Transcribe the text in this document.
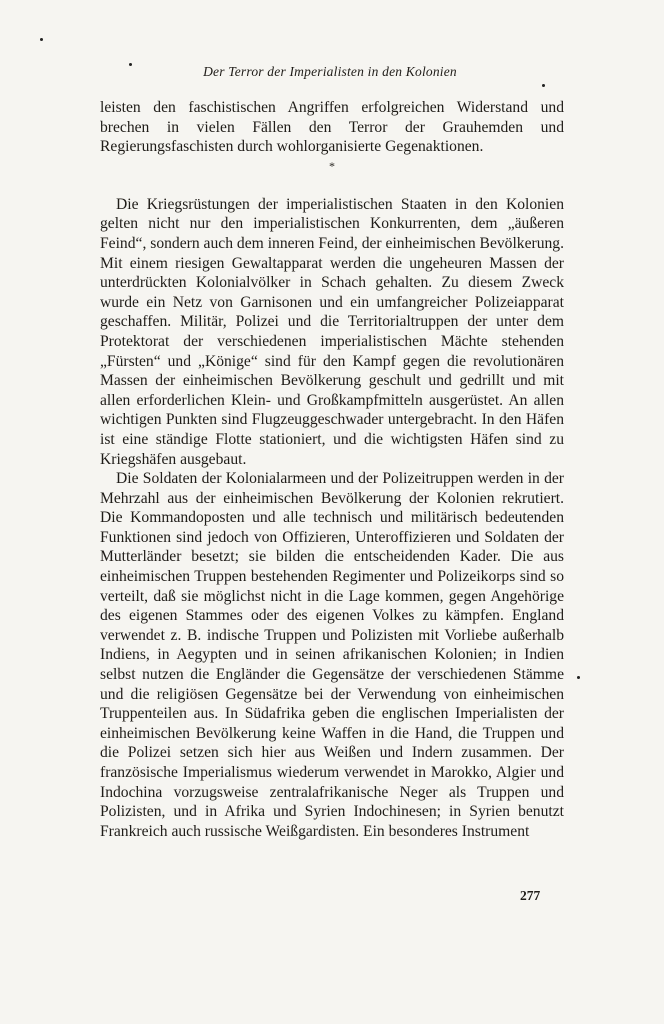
Der Terror der Imperialisten in den Kolonien

leisten den faschistischen Angriffen erfolgreichen Widerstand und brechen in vielen Fällen den Terror der Grauhemden und Regierungsfaschisten durch wohlorganisierte Gegenaktionen.

*

Die Kriegsrüstungen der imperialistischen Staaten in den Kolonien gelten nicht nur den imperialistischen Konkurrenten, dem „äußeren Feind“, sondern auch dem inneren Feind, der einheimischen Bevölkerung. Mit einem riesigen Gewaltapparat werden die ungeheuren Massen der unterdrückten Kolonialvölker in Schach gehalten. Zu diesem Zweck wurde ein Netz von Garnisonen und ein umfangreicher Polizeiapparat geschaffen. Militär, Polizei und die Territorialtruppen der unter dem Protektorat der verschiedenen imperialistischen Mächte stehenden „Fürsten“ und „Könige“ sind für den Kampf gegen die revolutionären Massen der einheimischen Bevölkerung geschult und gedrillt und mit allen erforderlichen Klein- und Großkampfmitteln ausgerüstet. An allen wichtigen Punkten sind Flugzeuggeschwader untergebracht. In den Häfen ist eine ständige Flotte stationiert, und die wichtigsten Häfen sind zu Kriegshäfen ausgebaut.

Die Soldaten der Kolonialarmeen und der Polizeitruppen werden in der Mehrzahl aus der einheimischen Bevölkerung der Kolonien rekrutiert. Die Kommandoposten und alle technisch und militärisch bedeutenden Funktionen sind jedoch von Offizieren, Unteroffizieren und Soldaten der Mutterländer besetzt; sie bilden die entscheidenden Kader. Die aus einheimischen Truppen bestehenden Regimenter und Polizeikorps sind so verteilt, daß sie möglichst nicht in die Lage kommen, gegen Angehörige des eigenen Stammes oder des eigenen Volkes zu kämpfen. England verwendet z. B. indische Truppen und Polizisten mit Vorliebe außerhalb Indiens, in Aegypten und in seinen afrikanischen Kolonien; in Indien selbst nutzen die Engländer die Gegensätze der verschiedenen Stämme und die religiösen Gegensätze bei der Verwendung von einheimischen Truppenteilen aus. In Südafrika geben die englischen Imperialisten der einheimischen Bevölkerung keine Waffen in die Hand, die Truppen und die Polizei setzen sich hier aus Weißen und Indern zusammen. Der französische Imperialismus wiederum verwendet in Marokko, Algier und Indochina vorzugsweise zentralafrikanische Neger als Truppen und Polizisten, und in Afrika und Syrien Indochinesen; in Syrien benutzt Frankreich auch russische Weißgardisten. Ein besonderes Instrument

277
